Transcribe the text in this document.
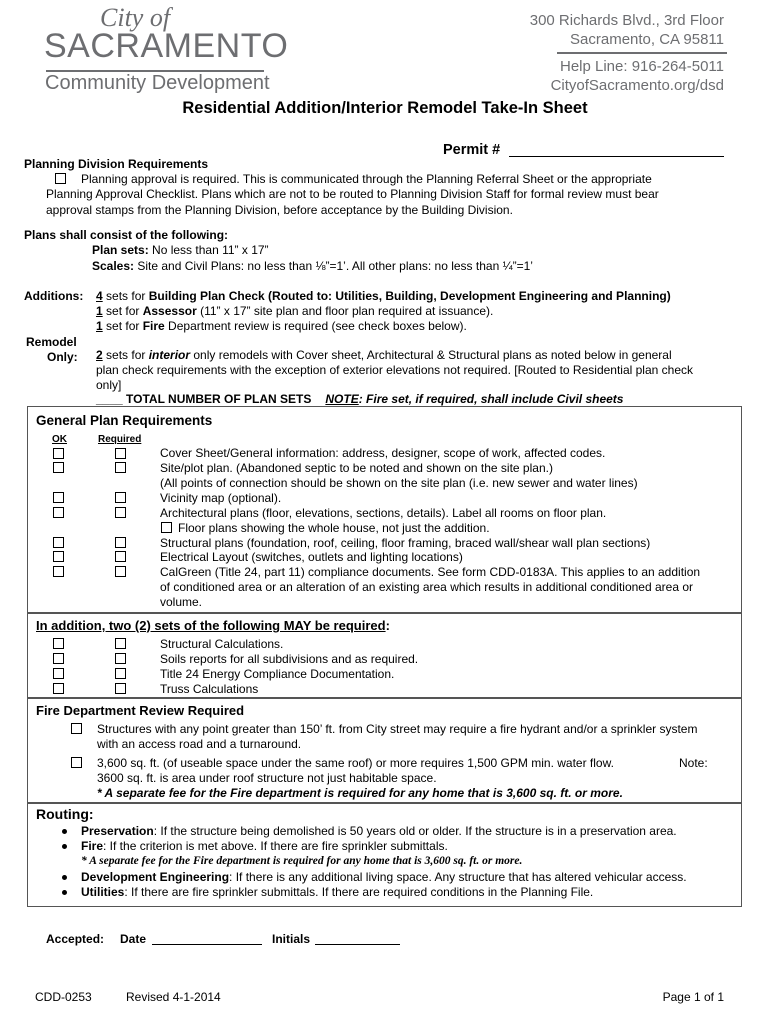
City of
SACRAMENTO
Community Development
300 Richards Blvd., 3rd Floor
Sacramento, CA 95811
Help Line: 916-264-5011
CityofSacramento.org/dsd
Residential Addition/Interior Remodel Take-In Sheet
Permit #
Planning Division Requirements
Planning approval is required. This is communicated through the Planning Referral Sheet or the appropriate
Planning Approval Checklist. Plans which are not to be routed to Planning Division Staff for formal review must bear
approval stamps from the Planning Division, before acceptance by the Building Division.
Plans shall consist of the following:
Plan sets: No less than 11” x 17”
Scales: Site and Civil Plans: no less than ⅛”=1’. All other plans: no less than ¼”=1’
Additions: 4 sets for Building Plan Check (Routed to: Utilities, Building, Development Engineering and Planning)
1 set for Assessor (11” x 17” site plan and floor plan required at issuance).
1 set for Fire Department review is required (see check boxes below).
Remodel
Only: 2 sets for interior only remodels with Cover sheet, Architectural & Structural plans as noted below in general
plan check requirements with the exception of exterior elevations not required. [Routed to Residential plan check
only]
____ TOTAL NUMBER OF PLAN SETS NOTE: Fire set, if required, shall include Civil sheets
General Plan Requirements
OK	Required
Cover Sheet/General information: address, designer, scope of work, affected codes.
Site/plot plan. (Abandoned septic to be noted and shown on the site plan.)
(All points of connection should be shown on the site plan (i.e. new sewer and water lines)
Vicinity map (optional).
Architectural plans (floor, elevations, sections, details). Label all rooms on floor plan.
Floor plans showing the whole house, not just the addition.
Structural plans (foundation, roof, ceiling, floor framing, braced wall/shear wall plan sections)
Electrical Layout (switches, outlets and lighting locations)
CalGreen (Title 24, part 11) compliance documents. See form CDD-0183A. This applies to an addition
of conditioned area or an alteration of an existing area which results in additional conditioned area or
volume.
In addition, two (2) sets of the following MAY be required:
Structural Calculations.
Soils reports for all subdivisions and as required.
Title 24 Energy Compliance Documentation.
Truss Calculations
Fire Department Review Required
Structures with any point greater than 150’ ft. from City street may require a fire hydrant and/or a sprinkler system
with an access road and a turnaround.
3,600 sq. ft. (of useable space under the same roof) or more requires 1,500 GPM min. water flow.	Note:
3600 sq. ft. is area under roof structure not just habitable space.
* A separate fee for the Fire department is required for any home that is 3,600 sq. ft. or more.
Routing:
Preservation: If the structure being demolished is 50 years old or older. If the structure is in a preservation area.
Fire: If the criterion is met above. If there are fire sprinkler submittals.
* A separate fee for the Fire department is required for any home that is 3,600 sq. ft. or more.
Development Engineering: If there is any additional living space. Any structure that has altered vehicular access.
Utilities: If there are fire sprinkler submittals. If there are required conditions in the Planning File.
Accepted: Date	Initials
CDD-0253	Revised 4-1-2014	Page 1 of 1
